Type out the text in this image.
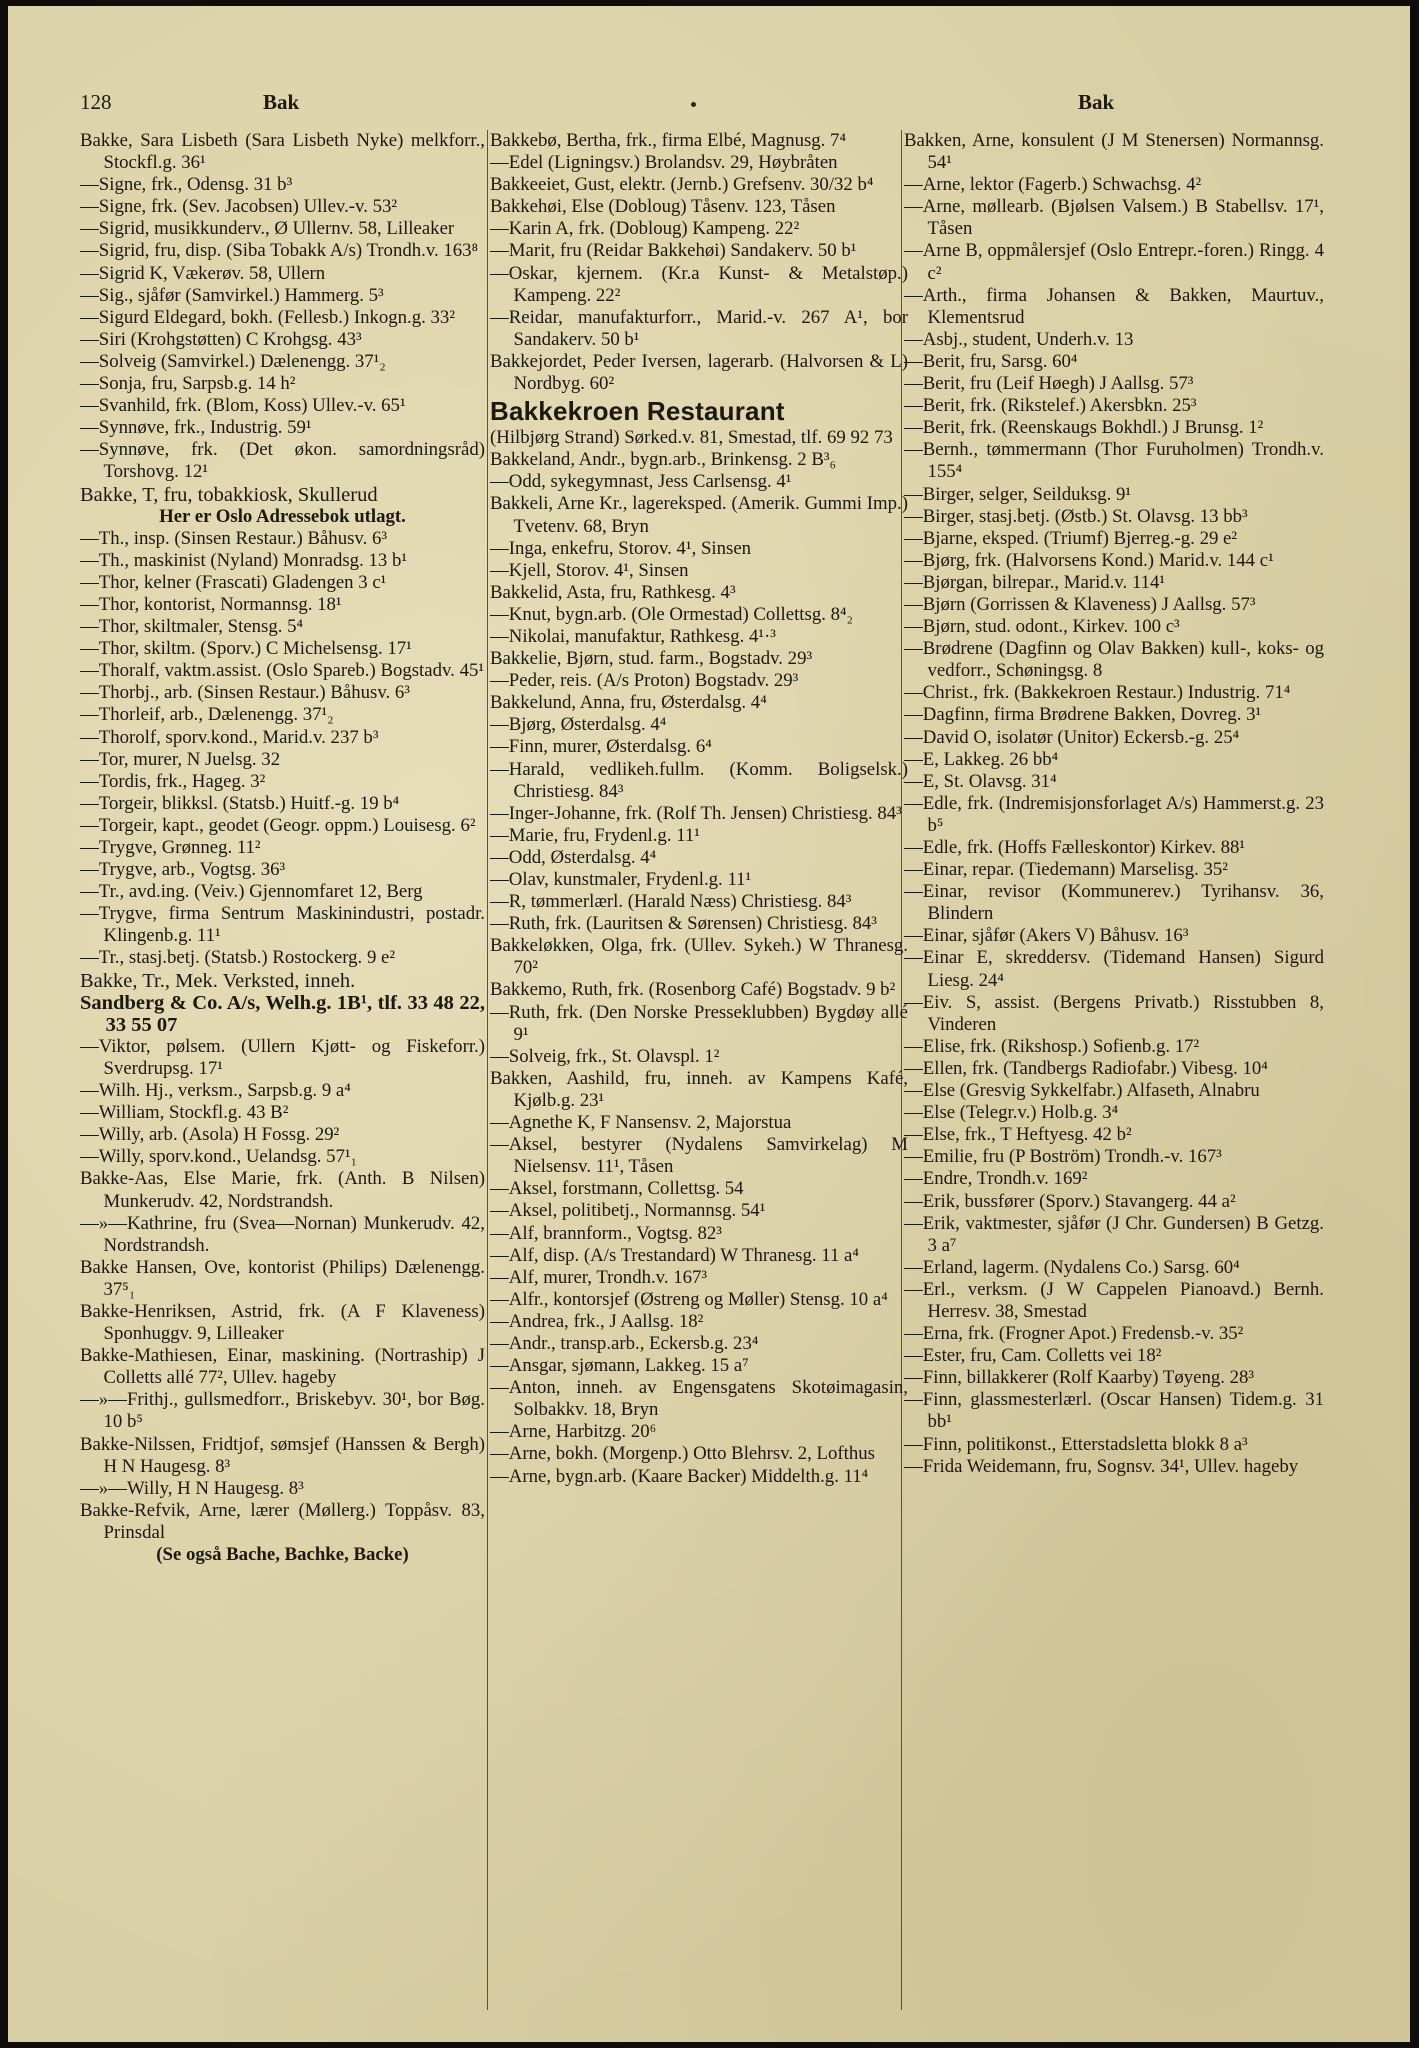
128	Bak	Bak

Bakke, Sara Lisbeth (Sara Lisbeth Nyke) melkforr., Stockfl.g. 36¹

—Signe, frk., Odensg. 31 b³

—Signe, frk. (Sev. Jacobsen) Ullev.-v. 53²

—Sigrid, musikkunderv., Ø Ullernv. 58, Lilleaker

—Sigrid, fru, disp. (Siba Tobakk A/s) Trondh.v. 163⁸

—Sigrid K, Vækerøv. 58, Ullern

—Sig., sjåfør (Samvirkel.) Hammerg. 5³

—Sigurd Eldegard, bokh. (Fellesb.) Inkogn.g. 33²

—Siri (Krohgstøtten) C Krohgsg. 43³

—Solveig (Samvirkel.) Dælenengg. 37¹₂

—Sonja, fru, Sarpsb.g. 14 h²

—Svanhild, frk. (Blom, Koss) Ullev.-v. 65¹

—Synnøve, frk., Industrig. 59¹

—Synnøve, frk. (Det økon. samordningsråd) Torshovg. 12¹

Bakke, T, fru, tobakkiosk, Skullerud

Her er Oslo Adressebok utlagt.

—Th., insp. (Sinsen Restaur.) Båhusv. 6³

—Th., maskinist (Nyland) Monradsg. 13 b¹

—Thor, kelner (Frascati) Gladengen 3 c¹

—Thor, kontorist, Normannsg. 18¹

—Thor, skiltmaler, Stensg. 5⁴

—Thor, skiltm. (Sporv.) C Michelsensg. 17¹

—Thoralf, vaktm.assist. (Oslo Spareb.) Bogstadv. 45¹

—Thorbj., arb. (Sinsen Restaur.) Båhusv. 6³

—Thorleif, arb., Dælenengg. 37¹₂

—Thorolf, sporv.kond., Marid.v. 237 b³

—Tor, murer, N Juelsg. 32

—Tordis, frk., Hageg. 3²

—Torgeir, blikksl. (Statsb.) Huitf.-g. 19 b⁴

—Torgeir, kapt., geodet (Geogr. oppm.) Louisesg. 6²

—Trygve, Grønneg. 11²

—Trygve, arb., Vogtsg. 36³

—Tr., avd.ing. (Veiv.) Gjennomfaret 12, Berg

—Trygve, firma Sentrum Maskinindustri, postadr. Klingenb.g. 11¹

—Tr., stasj.betj. (Statsb.) Rostockerg. 9 e²

Bakke, Tr., Mek. Verksted, inneh.

Sandberg & Co. A/s, Welh.g. 1B¹, tlf. 33 48 22, 33 55 07

—Viktor, pølsem. (Ullern Kjøtt- og Fiskeforr.) Sverdrupsg. 17¹

—Wilh. Hj., verksm., Sarpsb.g. 9 a⁴

—William, Stockfl.g. 43 B²

—Willy, arb. (Asola) H Fossg. 29²

—Willy, sporv.kond., Uelandsg. 57¹₁

Bakke-Aas, Else Marie, frk. (Anth. B Nilsen) Munkerudv. 42, Nordstrandsh.

—»—Kathrine, fru (Svea—Nornan) Munkerudv. 42, Nordstrandsh.

Bakke Hansen, Ove, kontorist (Philips) Dælenengg. 37⁵₁

Bakke-Henriksen, Astrid, frk. (A F Klaveness) Sponhuggv. 9, Lilleaker

Bakke-Mathiesen, Einar, maskining. (Nortraship) J Colletts allé 77², Ullev. hageby

—»—Frithj., gullsmedforr., Briskebyv. 30¹, bor Bøg. 10 b⁵

Bakke-Nilssen, Fridtjof, sømsjef (Hanssen & Bergh) H N Haugesg. 8³

—»—Willy, H N Haugesg. 8³

Bakke-Refvik, Arne, lærer (Møllerg.) Toppåsv. 83, Prinsdal

(Se også Bache, Bachke, Backe)

Bakkebø, Bertha, frk., firma Elbé, Magnusg. 7⁴

—Edel (Ligningsv.) Brolandsv. 29, Høybråten

Bakkeeiet, Gust, elektr. (Jernb.) Grefsenv. 30/32 b⁴

Bakkehøi, Else (Dobloug) Tåsenv. 123, Tåsen

—Karin A, frk. (Dobloug) Kampeng. 22²

—Marit, fru (Reidar Bakkehøi) Sandakerv. 50 b¹

—Oskar, kjernem. (Kr.a Kunst- & Metalstøp.) Kampeng. 22²

—Reidar, manufakturforr., Marid.-v. 267 A¹, bor Sandakerv. 50 b¹

Bakkejordet, Peder Iversen, lagerarb. (Halvorsen & L) Nordbyg. 60²

Bakkekroen Restaurant

(Hilbjørg Strand) Sørked.v. 81, Smestad, tlf. 69 92 73

Bakkeland, Andr., bygn.arb., Brinkensg. 2 B³₆

—Odd, sykegymnast, Jess Carlsensg. 4¹

Bakkeli, Arne Kr., lagereksped. (Amerik. Gummi Imp.) Tvetenv. 68, Bryn

—Inga, enkefru, Storov. 4¹, Sinsen

—Kjell, Storov. 4¹, Sinsen

Bakkelid, Asta, fru, Rathkesg. 4³

—Knut, bygn.arb. (Ole Ormestad) Collettsg. 8⁴₂

—Nikolai, manufaktur, Rathkesg. 4¹·³

Bakkelie, Bjørn, stud. farm., Bogstadv. 29³

—Peder, reis. (A/s Proton) Bogstadv. 29³

Bakkelund, Anna, fru, Østerdalsg. 4⁴

—Bjørg, Østerdalsg. 4⁴

—Finn, murer, Østerdalsg. 6⁴

—Harald, vedlikeh.fullm. (Komm. Boligselsk.) Christiesg. 84³

—Inger-Johanne, frk. (Rolf Th. Jensen) Christiesg. 84³

—Marie, fru, Frydenl.g. 11¹

—Odd, Østerdalsg. 4⁴

—Olav, kunstmaler, Frydenl.g. 11¹

—R, tømmerlærl. (Harald Næss) Christiesg. 84³

—Ruth, frk. (Lauritsen & Sørensen) Christiesg. 84³

Bakkeløkken, Olga, frk. (Ullev. Sykeh.) W Thranesg. 70²

Bakkemo, Ruth, frk. (Rosenborg Café) Bogstadv. 9 b²

—Ruth, frk. (Den Norske Presseklubben) Bygdøy allé 9¹

—Solveig, frk., St. Olavspl. 1²

Bakken, Aashild, fru, inneh. av Kampens Kafé, Kjølb.g. 23¹

—Agnethe K, F Nansensv. 2, Majorstua

—Aksel, bestyrer (Nydalens Samvirkelag) M Nielsensv. 11¹, Tåsen

—Aksel, forstmann, Collettsg. 54

—Aksel, politibetj., Normannsg. 54¹

—Alf, brannform., Vogtsg. 82³

—Alf, disp. (A/s Trestandard) W Thranesg. 11 a⁴

—Alf, murer, Trondh.v. 167³

—Alfr., kontorsjef (Østreng og Møller) Stensg. 10 a⁴

—Andrea, frk., J Aallsg. 18²

—Andr., transp.arb., Eckersb.g. 23⁴

—Ansgar, sjømann, Lakkeg. 15 a⁷

—Anton, inneh. av Engensgatens Skotøimagasin, Solbakkv. 18, Bryn

—Arne, Harbitzg. 20⁶

—Arne, bokh. (Morgenp.) Otto Blehrsv. 2, Lofthus

—Arne, bygn.arb. (Kaare Backer) Middelth.g. 11⁴

Bakken, Arne, konsulent (J M Stenersen) Normannsg. 54¹

—Arne, lektor (Fagerb.) Schwachsg. 4²

—Arne, møllearb. (Bjølsen Valsem.) B Stabellsv. 17¹, Tåsen

—Arne B, oppmålersjef (Oslo Entrepr.-foren.) Ringg. 4 c²

—Arth., firma Johansen & Bakken, Maurtuv., Klementsrud

—Asbj., student, Underh.v. 13

—Berit, fru, Sarsg. 60⁴

—Berit, fru (Leif Høegh) J Aallsg. 57³

—Berit, frk. (Rikstelef.) Akersbkn. 25³

—Berit, frk. (Reenskaugs Bokhdl.) J Brunsg. 1²

—Bernh., tømmermann (Thor Furuholmen) Trondh.v. 155⁴

—Birger, selger, Seilduksg. 9¹

—Birger, stasj.betj. (Østb.) St. Olavsg. 13 bb³

—Bjarne, eksped. (Triumf) Bjerreg.-g. 29 e²

—Bjørg, frk. (Halvorsens Kond.) Marid.v. 144 c¹

—Bjørgan, bilrepar., Marid.v. 114¹

—Bjørn (Gorrissen & Klaveness) J Aallsg. 57³

—Bjørn, stud. odont., Kirkev. 100 c³

—Brødrene (Dagfinn og Olav Bakken) kull-, koks- og vedforr., Schøningsg. 8

—Christ., frk. (Bakkekroen Restaur.) Industrig. 71⁴

—Dagfinn, firma Brødrene Bakken, Dovreg. 3¹

—David O, isolatør (Unitor) Eckersb.-g. 25⁴

—E, Lakkeg. 26 bb⁴

—E, St. Olavsg. 31⁴

—Edle, frk. (Indremisjonsforlaget A/s) Hammerst.g. 23 b⁵

—Edle, frk. (Hoffs Fælleskontor) Kirkev. 88¹

—Einar, repar. (Tiedemann) Marselisg. 35²

—Einar, revisor (Kommunerev.) Tyrihansv. 36, Blindern

—Einar, sjåfør (Akers V) Båhusv. 16³

—Einar E, skreddersv. (Tidemand Hansen) Sigurd Liesg. 24⁴

—Eiv. S, assist. (Bergens Privatb.) Risstubben 8, Vinderen

—Elise, frk. (Rikshosp.) Sofienb.g. 17²

—Ellen, frk. (Tandbergs Radiofabr.) Vibesg. 10⁴

—Else (Gresvig Sykkelfabr.) Alfaseth, Alnabru

—Else (Telegr.v.) Holb.g. 3⁴

—Else, frk., T Heftyesg. 42 b²

—Emilie, fru (P Boström) Trondh.-v. 167³

—Endre, Trondh.v. 169²

—Erik, bussfører (Sporv.) Stavangerg. 44 a²

—Erik, vaktmester, sjåfør (J Chr. Gundersen) B Getzg. 3 a⁷

—Erland, lagerm. (Nydalens Co.) Sarsg. 60⁴

—Erl., verksm. (J W Cappelen Pianoavd.) Bernh. Herresv. 38, Smestad

—Erna, frk. (Frogner Apot.) Fredensb.-v. 35²

—Ester, fru, Cam. Colletts vei 18²

—Finn, billakkerer (Rolf Kaarby) Tøyeng. 28³

—Finn, glassmesterlærl. (Oscar Hansen) Tidem.g. 31 bb¹

—Finn, politikonst., Etterstadsletta blokk 8 a³

—Frida Weidemann, fru, Sognsv. 34¹, Ullev. hageby
